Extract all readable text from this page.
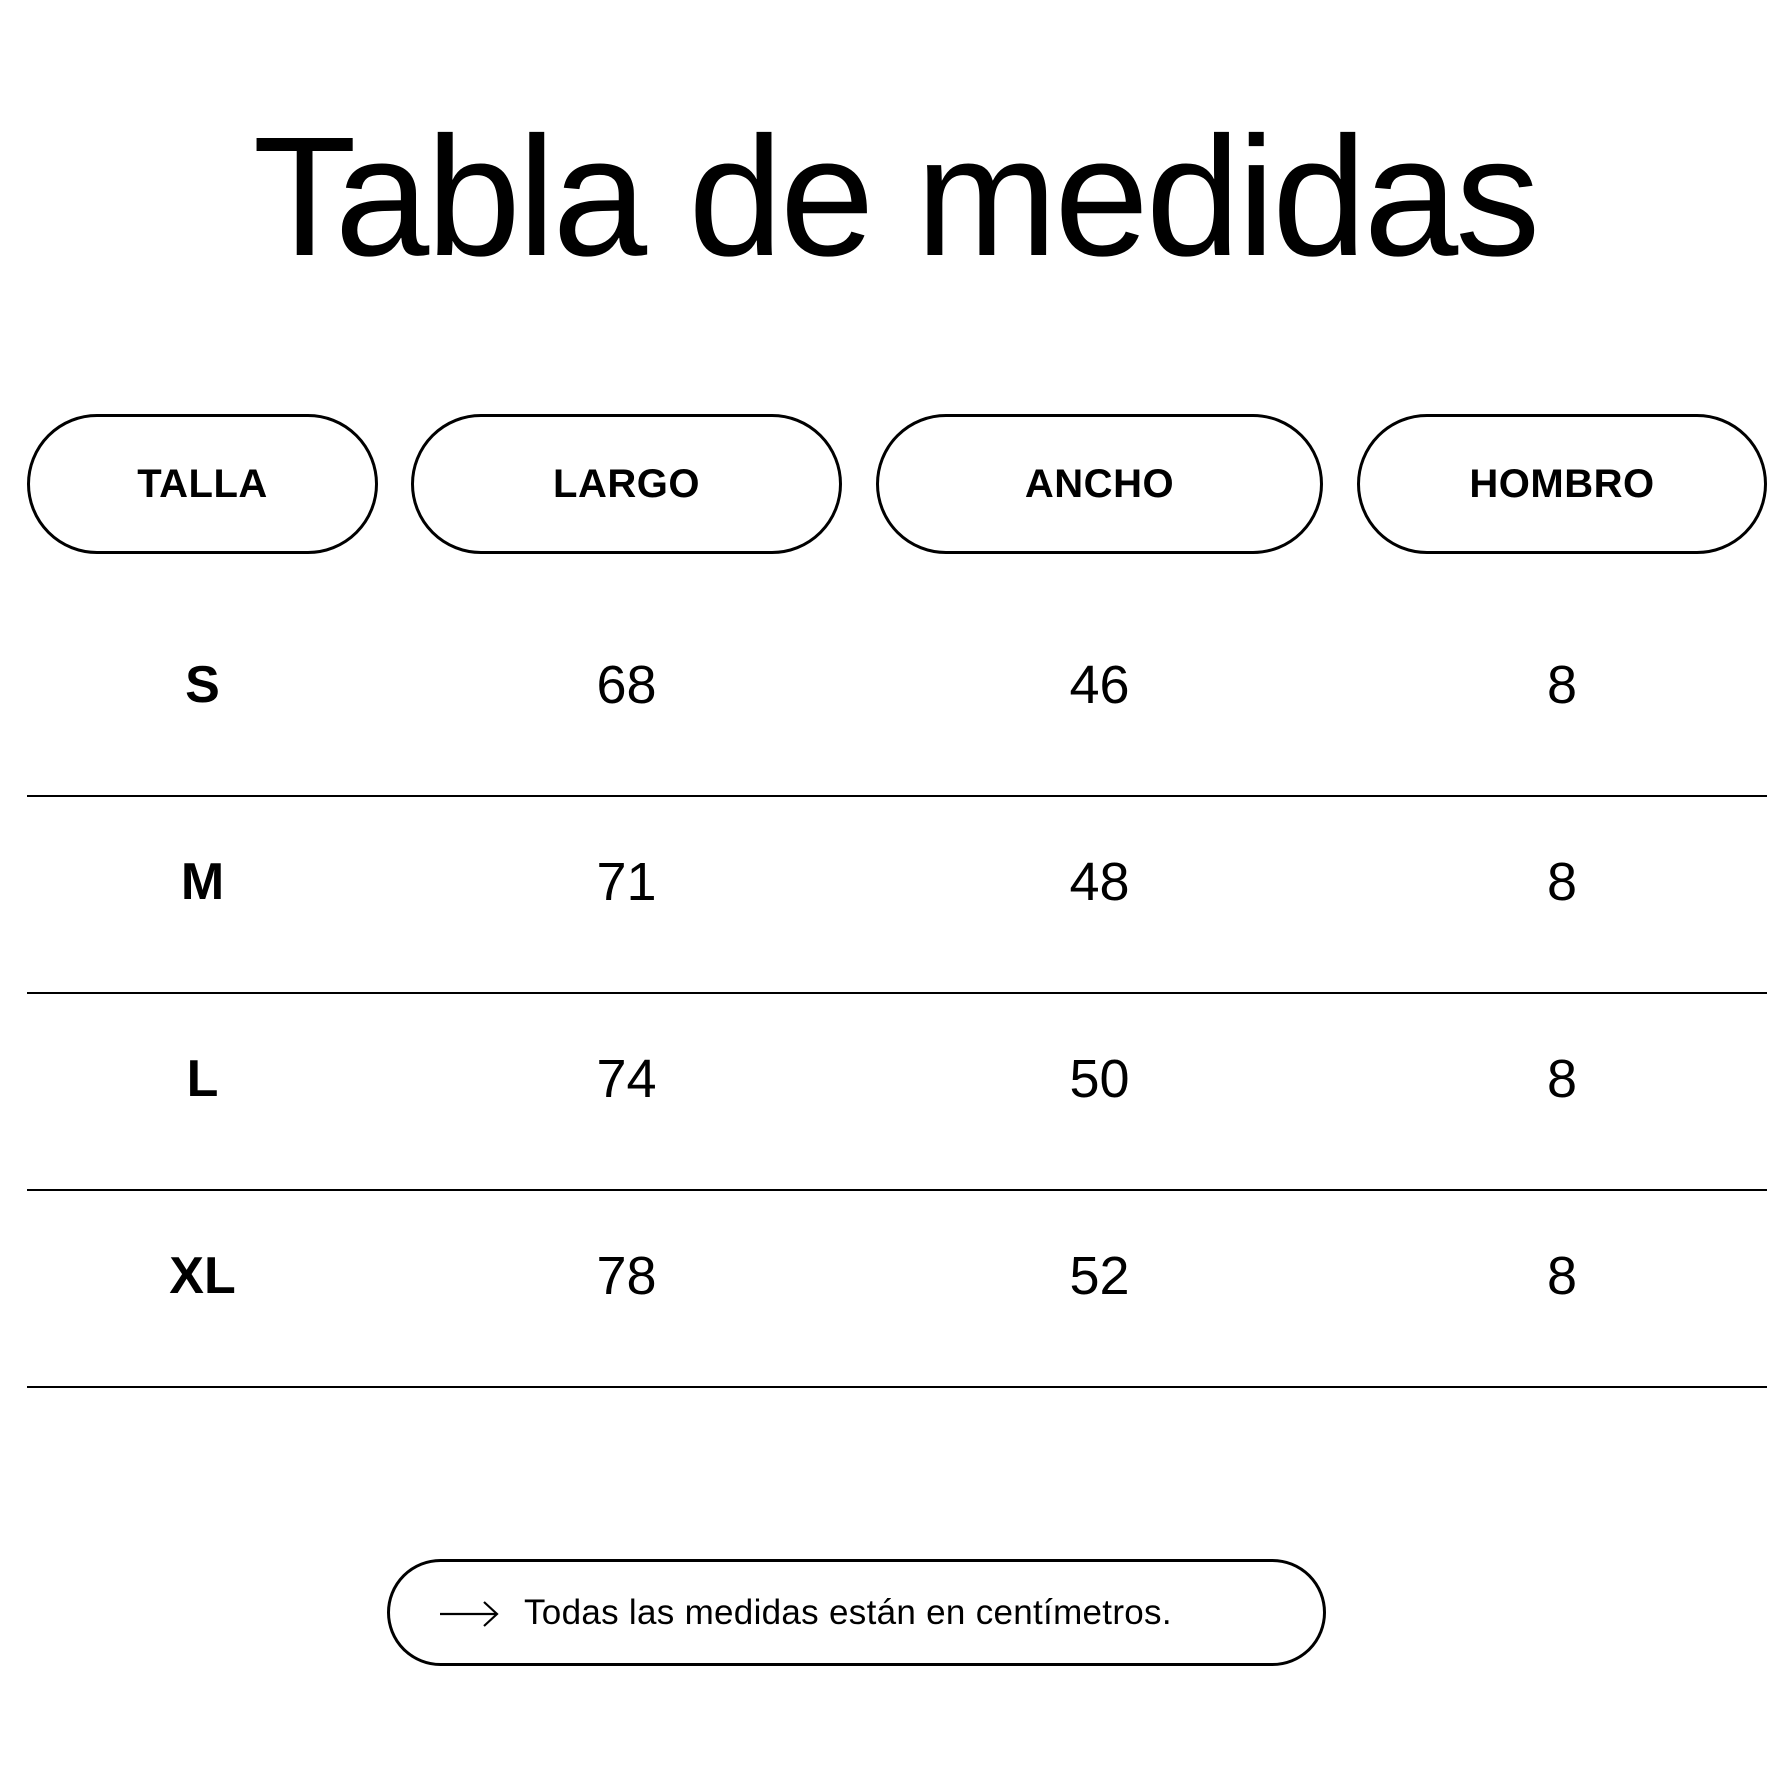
Tabla de medidas
TALLA	LARGO	ANCHO	HOMBRO
S	68	46	8
M	71	48	8
L	74	50	8
XL	78	52	8
Todas las medidas están en centímetros.
